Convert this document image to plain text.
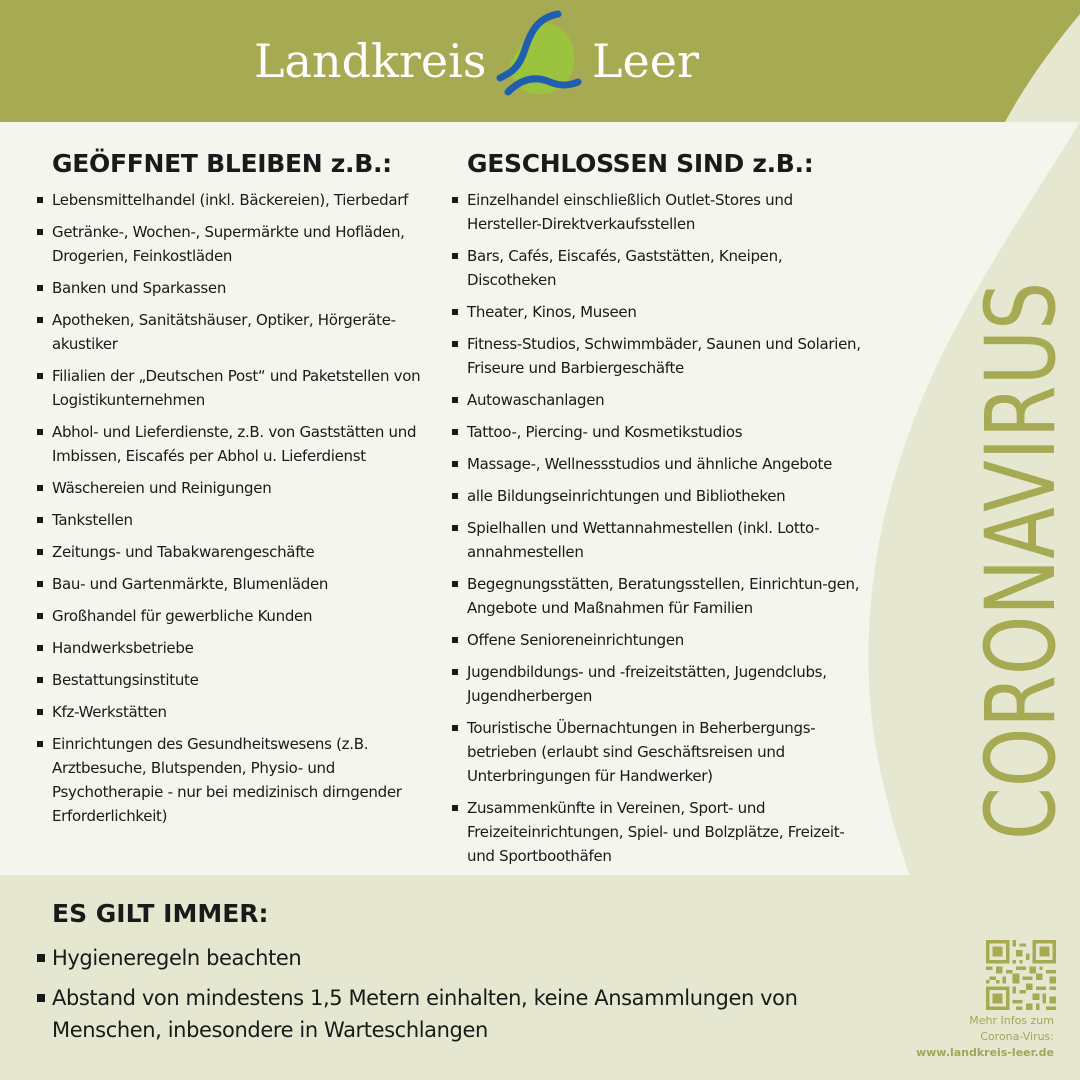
Landkreis Leer
GEÖFFNET BLEIBEN z.B.:
Lebensmittelhandel (inkl. Bäckereien), Tierbedarf
Getränke-, Wochen-, Supermärkte und Hofläden, Drogerien, Feinkostläden
Banken und Sparkassen
Apotheken, Sanitätshäuser, Optiker, Hörgeräte-akustiker
Filialien der „Deutschen Post“ und Paketstellen von Logistikunternehmen
Abhol- und Lieferdienste, z.B. von Gaststätten und Imbissen, Eiscafés per Abhol u. Lieferdienst
Wäschereien und Reinigungen
Tankstellen
Zeitungs- und Tabakwarengeschäfte
Bau- und Gartenmärkte, Blumenläden
Großhandel für gewerbliche Kunden
Handwerksbetriebe
Bestattungsinstitute
Kfz-Werkstätten
Einrichtungen des Gesundheitswesens (z.B. Arztbesuche, Blutspenden, Physio- und Psychotherapie - nur bei medizinisch dirngender Erforderlichkeit)
GESCHLOSSEN SIND z.B.:
Einzelhandel einschließlich Outlet-Stores und Hersteller-Direktverkaufsstellen
Bars, Cafés, Eiscafés, Gaststätten, Kneipen, Discotheken
Theater, Kinos, Museen
Fitness-Studios, Schwimmbäder, Saunen und Solarien, Friseure und Barbiergeschäfte
Autowaschanlagen
Tattoo-, Piercing- und Kosmetikstudios
Massage-, Wellnessstudios und ähnliche Angebote
alle Bildungseinrichtungen und Bibliotheken
Spielhallen und Wettannahmestellen (inkl. Lotto-annahmestellen
Begegnungsstätten, Beratungsstellen, Einrichtun-gen, Angebote und Maßnahmen für Familien
Offene Senioreneinrichtungen
Jugendbildungs- und -freizeitstätten, Jugendclubs, Jugendherbergen
Touristische Übernachtungen in Beherbergungs-betrieben (erlaubt sind Geschäftsreisen und Unterbringungen für Handwerker)
Zusammenkünfte in Vereinen, Sport- und Freizeiteinrichtungen, Spiel- und Bolzplätze, Freizeit- und Sportboothäfen
CORONAVIRUS
ES GILT IMMER:
Hygieneregeln beachten
Abstand von mindestens 1,5 Metern einhalten, keine Ansammlungen von Menschen, inbesondere in Warteschlangen	Mehr Infos zum
Corona-Virus:
www.landkreis-leer.de
